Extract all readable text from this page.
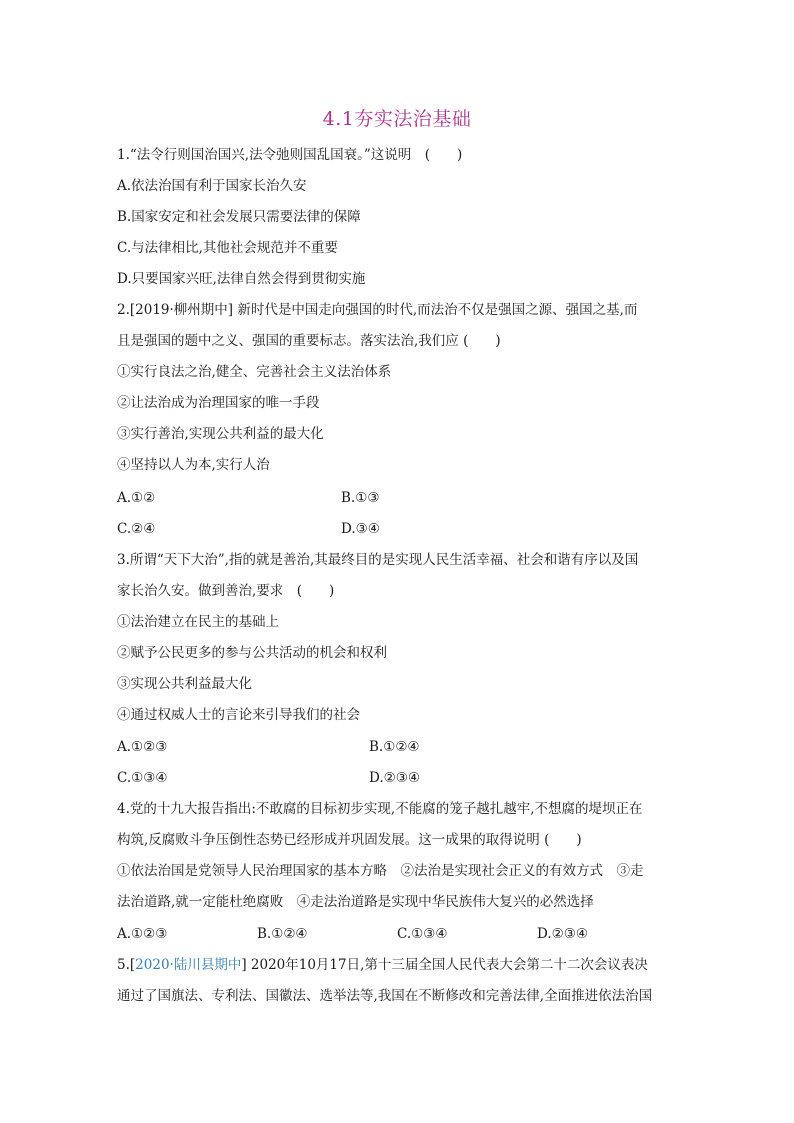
4.1夯实法治基础
1.“法令行则国治国兴,法令弛则国乱国衰。”这说明　(　　)
A.依法治国有利于国家长治久安
B.国家安定和社会发展只需要法律的保障
C.与法律相比,其他社会规范并不重要
D.只要国家兴旺,法律自然会得到贯彻实施
2.[2019·柳州期中] 新时代是中国走向强国的时代,而法治不仅是强国之源、强国之基,而
且是强国的题中之义、强国的重要标志。落实法治,我们应 (　　)
①实行良法之治,健全、完善社会主义法治体系
②让法治成为治理国家的唯一手段
③实行善治,实现公共利益的最大化
④坚持以人为本,实行人治
A.①②	B.①③
C.②④	D.③④
3.所谓“天下大治”,指的就是善治,其最终目的是实现人民生活幸福、社会和谐有序以及国
家长治久安。做到善治,要求　(　　)
①法治建立在民主的基础上
②赋予公民更多的参与公共活动的机会和权利
③实现公共利益最大化
④通过权威人士的言论来引导我们的社会
A.①②③	B.①②④
C.①③④	D.②③④
4.党的十九大报告指出:不敢腐的目标初步实现,不能腐的笼子越扎越牢,不想腐的堤坝正在
构筑,反腐败斗争压倒性态势已经形成并巩固发展。这一成果的取得说明 (　　)
①依法治国是党领导人民治理国家的基本方略　②法治是实现社会正义的有效方式　③走
法治道路,就一定能杜绝腐败　④走法治道路是实现中华民族伟大复兴的必然选择
A.①②③	B.①②④	C.①③④	D.②③④
5.[2020·陆川县期中] 2020年10月17日,第十三届全国人民代表大会第二十二次会议表决
通过了国旗法、专利法、国徽法、选举法等,我国在不断修改和完善法律,全面推进依法治国
